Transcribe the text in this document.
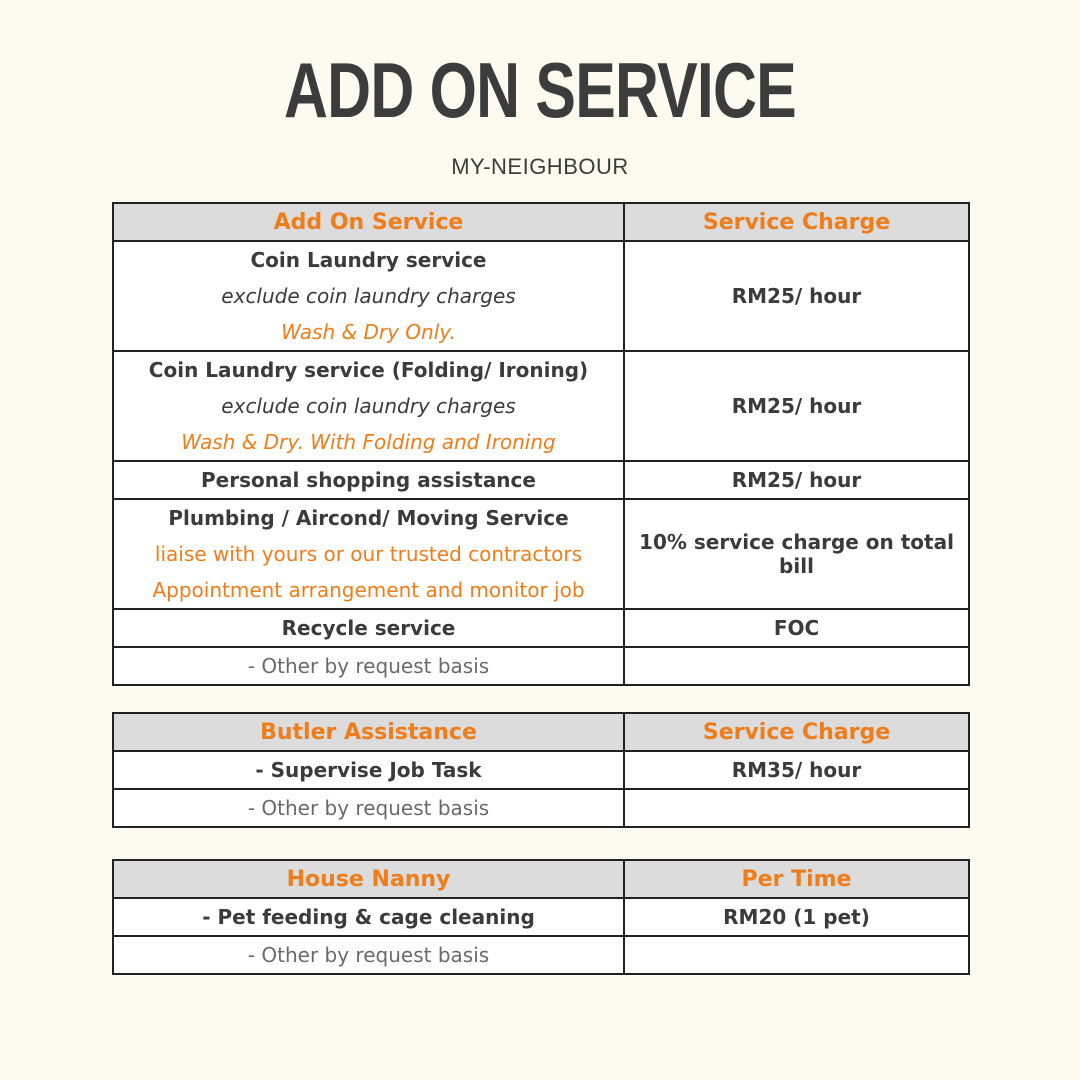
ADD ON SERVICE
MY-NEIGHBOUR
Add On Service	Service Charge

Coin Laundry service
exclude coin laundry charges
Wash & Dry Only.	RM25/ hour

Coin Laundry service (Folding/ Ironing)
exclude coin laundry charges
Wash & Dry. With Folding and Ironing	RM25/ hour

Personal shopping assistance	RM25/ hour

Plumbing / Aircond/ Moving Service
liaise with yours or our trusted contractors
Appointment arrangement and monitor job	10% service charge on total bill

Recycle service	FOC

- Other by request basis	

Butler Assistance	Service Charge

- Supervise Job Task	RM35/ hour

- Other by request basis	

House Nanny	Per Time

- Pet feeding & cage cleaning	RM20 (1 pet)

- Other by request basis	
